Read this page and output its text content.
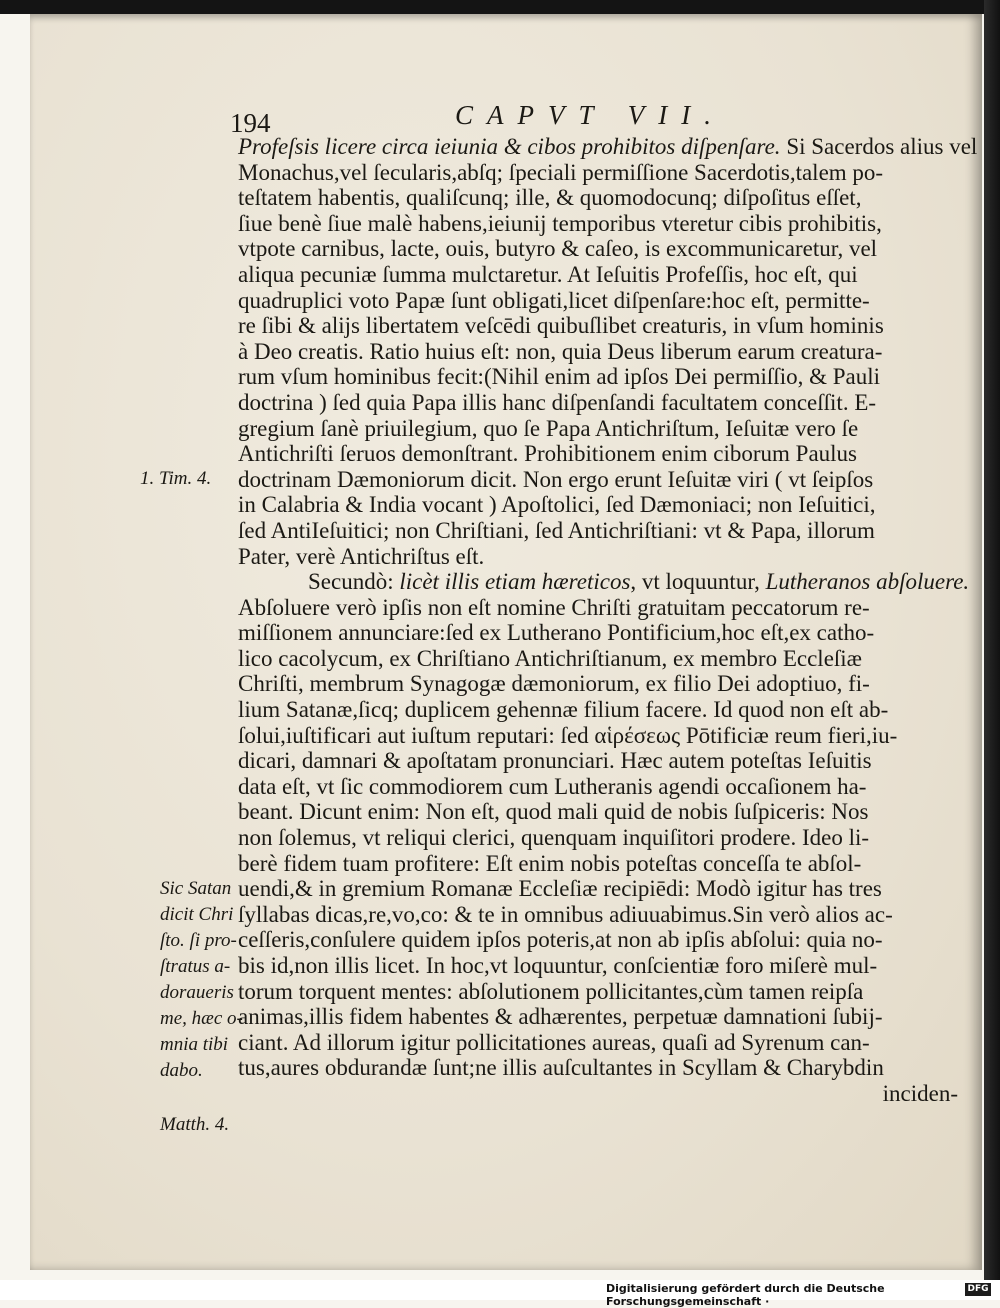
194	CAPVT VII.
Profeſsis licere circa ieiunia & cibos prohibitos diſpenſare. Si Sacerdos alius vel
Monachus,vel ſecularis,abſq; ſpeciali permiſſione Sacerdotis,talem po-
teſtatem habentis, qualiſcunq; ille, & quomodocunq; diſpoſitus eſſet,
ſiue benè ſiue malè habens,ieiunij temporibus vteretur cibis prohibitis,
vtpote carnibus, lacte, ouis, butyro & caſeo, is excommunicaretur, vel
aliqua pecuniæ ſumma mulctaretur. At Ieſuitis Profeſſis, hoc eſt, qui
quadruplici voto Papæ ſunt obligati,licet diſpenſare:hoc eſt, permitte-
re ſibi & alijs libertatem veſcēdi quibuſlibet creaturis, in vſum hominis
à Deo creatis. Ratio huius eſt: non, quia Deus liberum earum creatura-
rum vſum hominibus fecit:(Nihil enim ad ipſos Dei permiſſio, & Pauli
doctrina ) ſed quia Papa illis hanc diſpenſandi facultatem conceſſit. E-
gregium ſanè priuilegium, quo ſe Papa Antichriſtum, Ieſuitæ vero ſe
Antichriſti ſeruos demonſtrant. Prohibitionem enim ciborum Paulus
doctrinam Dæmoniorum dicit. Non ergo erunt Ieſuitæ viri ( vt ſeipſos
in Calabria & India vocant ) Apoſtolici, ſed Dæmoniaci; non Ieſuitici,
ſed AntiIeſuitici; non Chriſtiani, ſed Antichriſtiani: vt & Papa, illorum
Pater, verè Antichriſtus eſt.
Secundò: licèt illis etiam hæreticos, vt loquuntur, Lutheranos abſoluere.
Abſoluere verò ipſis non eſt nomine Chriſti gratuitam peccatorum re-
miſſionem annunciare:ſed ex Lutherano Pontificium,hoc eſt,ex catho-
lico cacolycum, ex Chriſtiano Antichriſtianum, ex membro Eccleſiæ
Chriſti, membrum Synagogæ dæmoniorum, ex filio Dei adoptiuo, fi-
lium Satanæ,ſicq; duplicem gehennæ filium facere. Id quod non eſt ab-
ſolui,iuſtificari aut iuſtum reputari: ſed αἱρέσεως Pōtificiæ reum fieri,iu-
dicari, damnari & apoſtatam pronunciari. Hæc autem poteſtas Ieſuitis
data eſt, vt ſic commodiorem cum Lutheranis agendi occaſionem ha-
beant. Dicunt enim: Non eſt, quod mali quid de nobis ſuſpiceris: Nos
non ſolemus, vt reliqui clerici, quenquam inquiſitori prodere. Ideo li-
berè fidem tuam profitere: Eſt enim nobis poteſtas conceſſa te abſol-
uendi,& in gremium Romanæ Eccleſiæ recipiēdi: Modò igitur has tres
ſyllabas dicas,re,vo,co: & te in omnibus adiuuabimus.Sin verò alios ac-
ceſſeris,conſulere quidem ipſos poteris,at non ab ipſis abſolui: quia no-
bis id,non illis licet. In hoc,vt loquuntur, conſcientiæ foro miſerè mul-
torum torquent mentes: abſolutionem pollicitantes,cùm tamen reipſa
animas,illis fidem habentes & adhærentes, perpetuæ damnationi ſubij-
ciant. Ad illorum igitur pollicitationes aureas, quaſi ad Syrenum can-
tus,aures obdurandæ ſunt;ne illis auſcultantes in Scyllam & Charybdin
inciden-
1. Tim. 4.
Sic Satan
dicit Chri
ſto. ſi pro-
ſtratus a-
doraueris
me, hæc o-
mnia tibi
dabo.
Matth. 4.
Digitalisierung gefördert durch die Deutsche Forschungsgemeinschaft ·
DFG
